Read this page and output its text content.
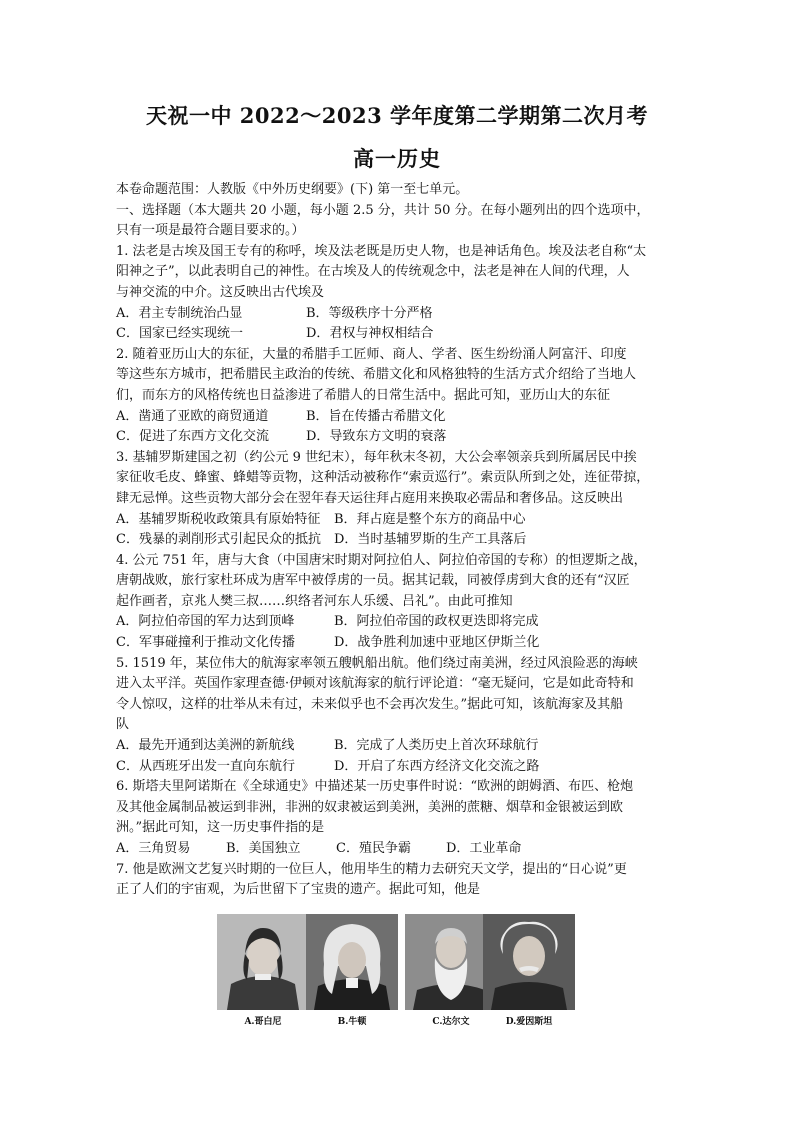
天祝一中 2022～2023 学年度第二学期第二次月考
高一历史
本卷命题范围：人教版《中外历史纲要》(下) 第一至七单元。
一、选择题（本大题共 20 小题，每小题 2.5 分，共计 50 分。在每小题列出的四个选项中，
只有一项是最符合题目要求的。）
1. 法老是古埃及国王专有的称呼，埃及法老既是历史人物，也是神话角色。埃及法老自称“太
阳神之子”，以此表明自己的神性。在古埃及人的传统观念中，法老是神在人间的代理，人
与神交流的中介。这反映出古代埃及
A．君主专制统治凸显	B．等级秩序十分严格
C．国家已经实现统一	D．君权与神权相结合
2. 随着亚历山大的东征，大量的希腊手工匠师、商人、学者、医生纷纷涌人阿富汗、印度
等这些东方城市，把希腊民主政治的传统、希腊文化和风格独特的生活方式介绍给了当地人
们，而东方的风格传统也日益渗进了希腊人的日常生活中。据此可知，亚历山大的东征
A．凿通了亚欧的商贸通道	B．旨在传播古希腊文化
C．促进了东西方文化交流	D．导致东方文明的衰落
3. 基辅罗斯建国之初（约公元 9 世纪末），每年秋末冬初，大公会率领亲兵到所属居民中挨
家征收毛皮、蜂蜜、蜂蜡等贡物，这种活动被称作“索贡巡行”。索贡队所到之处，连征带掠，
肆无忌惮。这些贡物大部分会在翌年春天运往拜占庭用来换取必需品和奢侈品。这反映出
A．基辅罗斯税收政策具有原始特征	B．拜占庭是整个东方的商品中心
C．残暴的剥削形式引起民众的抵抗	D．当时基辅罗斯的生产工具落后
4. 公元 751 年，唐与大食（中国唐宋时期对阿拉伯人、阿拉伯帝国的专称）的怛逻斯之战，
唐朝战败，旅行家杜环成为唐军中被俘虏的一员。据其记载，同被俘虏到大食的还有“汉匠
起作画者，京兆人樊三叔……织络者河东人乐缓、吕礼”。由此可推知
A．阿拉伯帝国的军力达到顶峰	B．阿拉伯帝国的政权更迭即将完成
C．军事碰撞利于推动文化传播	D．战争胜利加速中亚地区伊斯兰化
5. 1519 年，某位伟大的航海家率领五艘帆船出航。他们绕过南美洲，经过风浪险恶的海峡
进入太平洋。英国作家理查德·伊顿对该航海家的航行评论道：“毫无疑问，它是如此奇特和
令人惊叹，这样的壮举从未有过，未来似乎也不会再次发生。”据此可知，该航海家及其船
队
A．最先开通到达美洲的新航线	B．完成了人类历史上首次环球航行
C．从西班牙出发一直向东航行	D．开启了东西方经济文化交流之路
6. 斯塔夫里阿诺斯在《全球通史》中描述某一历史事件时说：“欧洲的朗姆酒、布匹、枪炮
及其他金属制品被运到非洲，非洲的奴隶被运到美洲，美洲的蔗糖、烟草和金银被运到欧
洲。”据此可知，这一历史事件指的是
A．三角贸易	B．美国独立	C．殖民争霸	D．工业革命
7. 他是欧洲文艺复兴时期的一位巨人，他用毕生的精力去研究天文学，提出的“日心说”更
正了人们的宇宙观，为后世留下了宝贵的遗产。据此可知，他是
A.哥白尼	B.牛顿	C.达尔文	D.爱因斯坦
